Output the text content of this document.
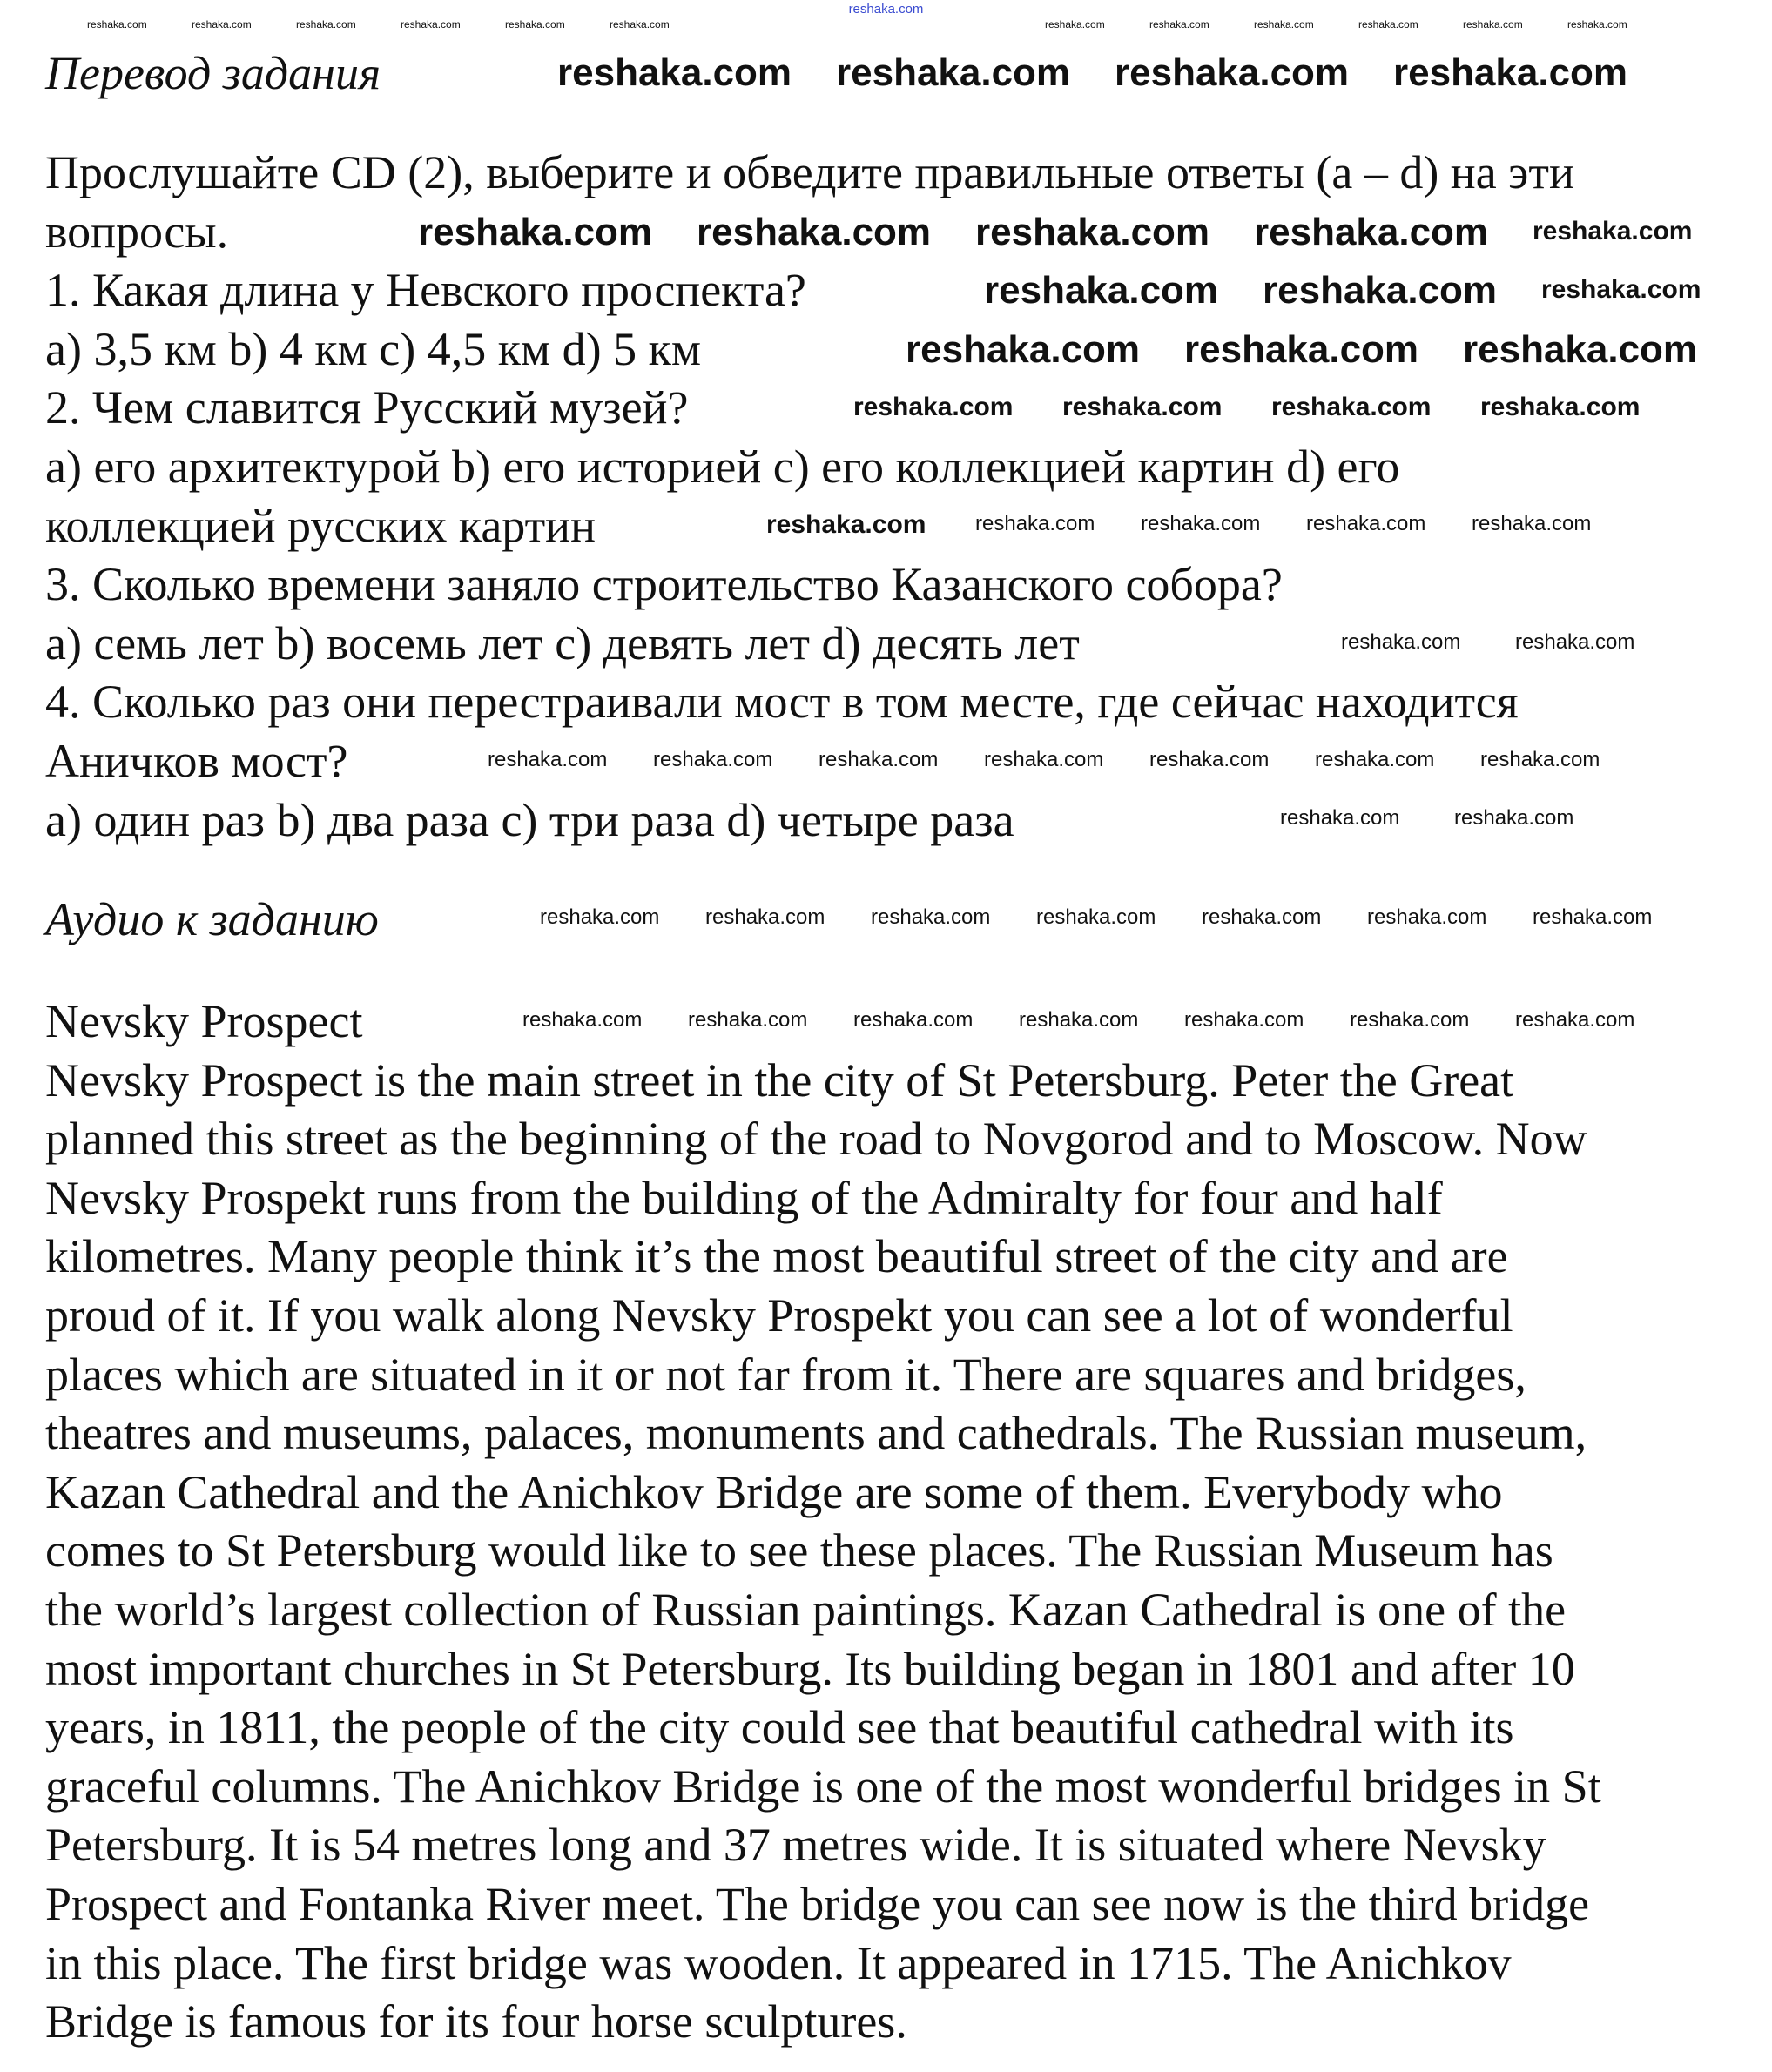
reshaka.com
Перевод задания
Прослушайте CD (2), выберите и обведите правильные ответы (a – d) на эти
вопросы.
1. Какая длина у Невского проспекта?
a) 3,5 км b) 4 км c) 4,5 км d) 5 км
2. Чем славится Русский музей?
a) его архитектурой b) его историей c) его коллекцией картин d) его
коллекцией русских картин
3. Сколько времени заняло строительство Казанского собора?
a) семь лет b) восемь лет c) девять лет d) десять лет
4. Сколько раз они перестраивали мост в том месте, где сейчас находится
Аничков мост?
a) один раз b) два раза c) три раза d) четыре раза
Аудио к заданию
Nevsky Prospect
Nevsky Prospect is the main street in the city of St Petersburg. Peter the Great
planned this street as the beginning of the road to Novgorod and to Moscow. Now
Nevsky Prospekt runs from the building of the Admiralty for four and half
kilometres. Many people think it’s the most beautiful street of the city and are
proud of it. If you walk along Nevsky Prospekt you can see a lot of wonderful
places which are situated in it or not far from it. There are squares and bridges,
theatres and museums, palaces, monuments and cathedrals. The Russian museum,
Kazan Cathedral and the Anichkov Bridge are some of them. Everybody who
comes to St Petersburg would like to see these places. The Russian Museum has
the world’s largest collection of Russian paintings. Kazan Cathedral is one of the
most important churches in St Petersburg. Its building began in 1801 and after 10
years, in 1811, the people of the city could see that beautiful cathedral with its
graceful columns. The Anichkov Bridge is one of the most wonderful bridges in St
Petersburg. It is 54 metres long and 37 metres wide. It is situated where Nevsky
Prospect and Fontanka River meet. The bridge you can see now is the third bridge
in this place. The first bridge was wooden. It appeared in 1715. The Anichkov
Bridge is famous for its four horse sculptures.
reshaka.com	reshaka.com	reshaka.com	reshaka.com	reshaka.com	reshaka.com	reshaka.com	reshaka.com	reshaka.com	reshaka.com	reshaka.com	reshaka.com
reshaka.com reshaka.com reshaka.com reshaka.com
reshaka.com reshaka.com reshaka.com reshaka.com reshaka.com
reshaka.com reshaka.com reshaka.com
reshaka.com reshaka.com reshaka.com
reshaka.com reshaka.com reshaka.com reshaka.com
reshaka.com reshaka.com reshaka.com reshaka.com reshaka.com
reshaka.com	reshaka.com
reshaka.com reshaka.com reshaka.com reshaka.com reshaka.com reshaka.com reshaka.com
reshaka.com	reshaka.com
reshaka.com reshaka.com reshaka.com reshaka.com reshaka.com reshaka.com reshaka.com
reshaka.com reshaka.com reshaka.com reshaka.com reshaka.com reshaka.com reshaka.com
